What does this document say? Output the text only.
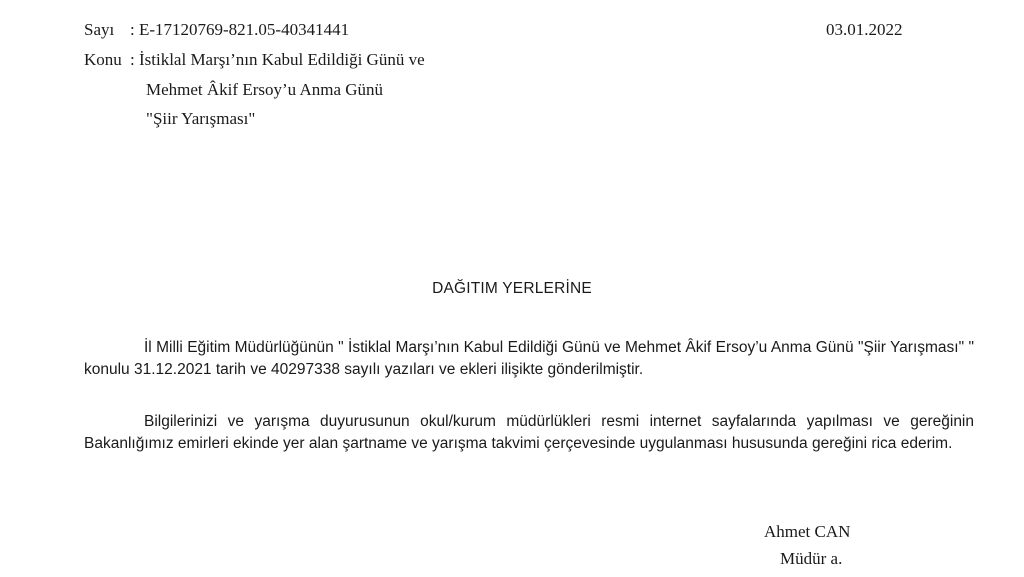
Sayı : E-17120769-821.05-40341441	03.01.2022
Konu : İstiklal Marşı’nın Kabul Edildiği Günü ve
Mehmet Âkif Ersoy’u Anma Günü
"Şiir Yarışması"
DAĞITIM YERLERİNE

İl Milli Eğitim Müdürlüğünün " İstiklal Marşı’nın Kabul Edildiği Günü ve Mehmet Âkif Ersoy’u Anma Günü "Şiir Yarışması" " konulu 31.12.2021 tarih ve 40297338 sayılı yazıları ve ekleri ilişikte gönderilmiştir.

Bilgilerinizi ve yarışma duyurusunun okul/kurum müdürlükleri resmi internet sayfalarında yapılması ve gereğinin Bakanlığımız emirleri ekinde yer alan şartname ve yarışma takvimi çerçevesinde uygulanması hususunda gereğini rica ederim.

Ahmet CAN
Müdür a.
